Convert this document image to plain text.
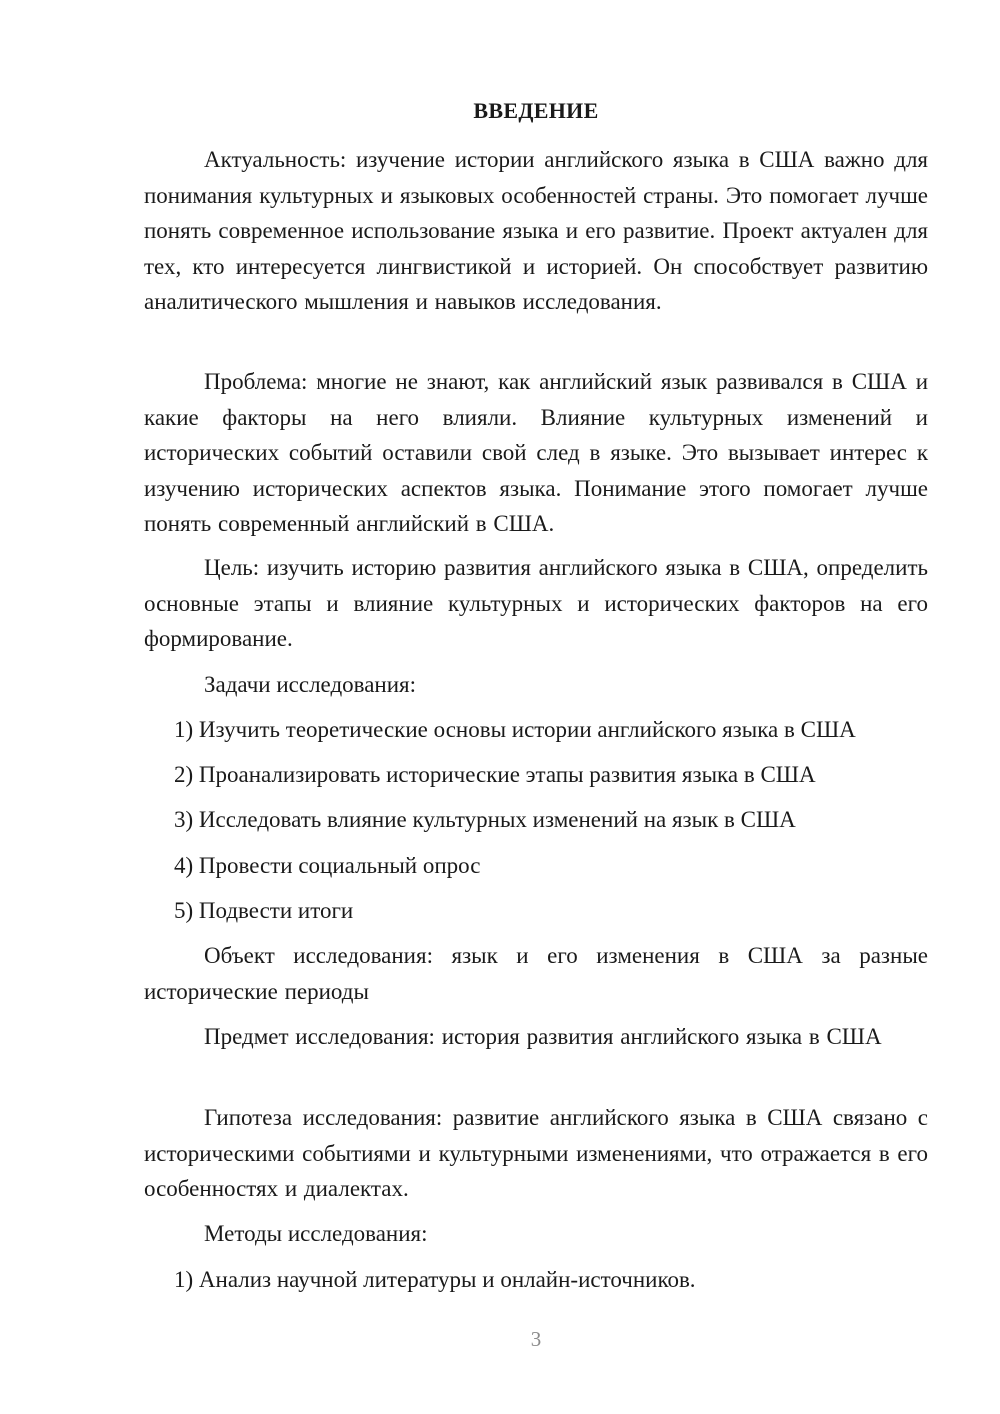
ВВЕДЕНИЕ

Актуальность: изучение истории английского языка в США важно для понимания культурных и языковых особенностей страны. Это помогает лучше понять современное использование языка и его развитие. Проект актуален для тех, кто интересуется лингвистикой и историей. Он способствует развитию аналитического мышления и навыков исследования.

Проблема: многие не знают, как английский язык развивался в США и какие факторы на него влияли. Влияние культурных изменений и исторических событий оставили свой след в языке. Это вызывает интерес к изучению исторических аспектов языка. Понимание этого помогает лучше понять современный английский в США.

Цель: изучить историю развития английского языка в США, определить основные этапы и влияние культурных и исторических факторов на его формирование.

Задачи исследования:
1) Изучить теоретические основы истории английского языка в США
2) Проанализировать исторические этапы развития языка в США
3) Исследовать влияние культурных изменений на язык в США
4) Провести социальный опрос
5) Подвести итоги

Объект исследования: язык и его изменения в США за разные исторические периоды

Предмет исследования: история развития английского языка в США

Гипотеза исследования: развитие английского языка в США связано с историческими событиями и культурными изменениями, что отражается в его особенностях и диалектах.

Методы исследования:
1) Анализ научной литературы и онлайн-источников.
3
